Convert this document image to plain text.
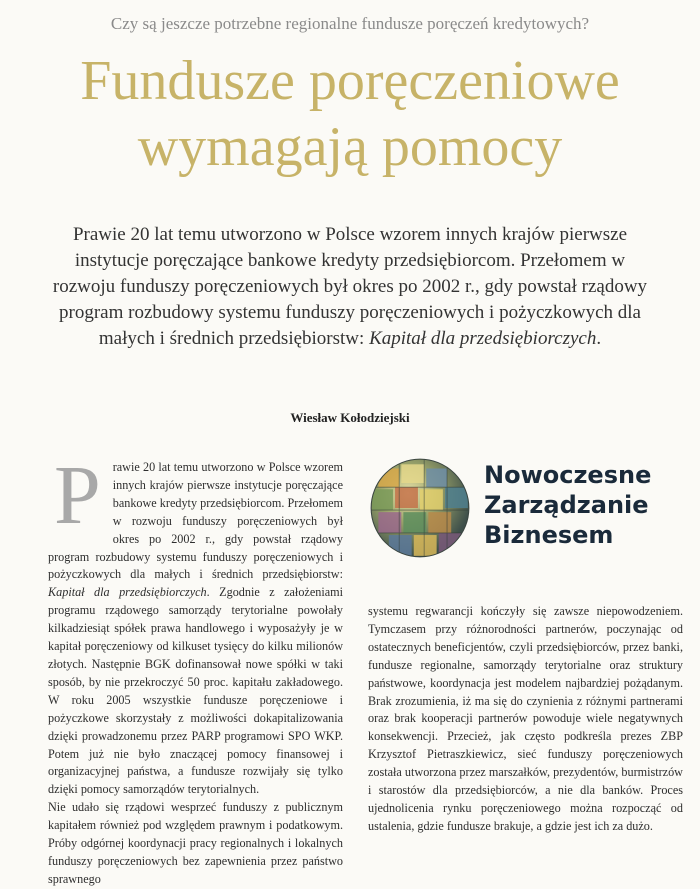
Czy są jeszcze potrzebne regionalne fundusze poręczeń kredytowych?
Fundusze poręczeniowe
wymagają pomocy

Prawie 20 lat temu utworzono w Polsce wzorem innych krajów pierwsze instytucje poręczające bankowe kredyty przedsiębiorcom. Przełomem w rozwoju funduszy poręczeniowych był okres po 2002 r., gdy powstał rządowy program rozbudowy systemu funduszy poręczeniowych i pożyczkowych dla małych i średnich przedsiębiorstw: Kapitał dla przedsiębiorczych.

Wiesław Kołodziejski
P rawie 20 lat temu utworzono w Polsce wzorem innych krajów pierwsze instytucje poręczające bankowe kredyty przedsiębiorcom. Przełomem w rozwoju funduszy poręczeniowych był okres po 2002 r., gdy powstał rządowy program rozbudowy systemu funduszy poręczeniowych i pożyczkowych dla małych i średnich przedsiębiorstw: Kapitał dla przedsiębiorczych. Zgodnie z założeniami programu rządowego samorządy terytorialne powołały kilkadziesiąt spółek prawa handlowego i wyposażyły je w kapitał poręczeniowy od kilkuset tysięcy do kilku milionów złotych. Następnie BGK dofinansował nowe spółki w taki sposób, by nie przekroczyć 50 proc. kapitału zakładowego. W roku 2005 wszystkie fundusze poręczeniowe i pożyczkowe skorzystały z możliwości dokapitalizowania dzięki prowadzonemu przez PARP programowi SPO WKP. Potem już nie było znaczącej pomocy finansowej i organizacyjnej państwa, a fundusze rozwijały się tylko dzięki pomocy samorządów terytorialnych.
Nie udało się rządowi wesprzeć funduszy z publicznym kapitałem również pod względem prawnym i podatkowym. Próby odgórnej koordynacji pracy regionalnych i lokalnych funduszy poręczeniowych bez zapewnienia przez państwo sprawnego
Nowoczesne
Zarządzanie
Biznesem
systemu regwarancji kończyły się zawsze niepowodzeniem. Tymczasem przy różnorodności partnerów, poczynając od ostatecznych beneficjentów, czyli przedsiębiorców, przez banki, fundusze regionalne, samorządy terytorialne oraz struktury państwowe, koordynacja jest modelem najbardziej pożądanym. Brak zrozumienia, iż ma się do czynienia z różnymi partnerami oraz brak kooperacji partnerów powoduje wiele negatywnych konsekwencji. Przecież, jak często podkreśla prezes ZBP Krzysztof Pietraszkiewicz, sieć funduszy poręczeniowych została utworzona przez marszałków, prezydentów, burmistrzów i starostów dla przedsiębiorców, a nie dla banków. Proces ujednolicenia rynku poręczeniowego można rozpocząć od ustalenia, gdzie fundusze brakuje, a gdzie jest ich za dużo.
